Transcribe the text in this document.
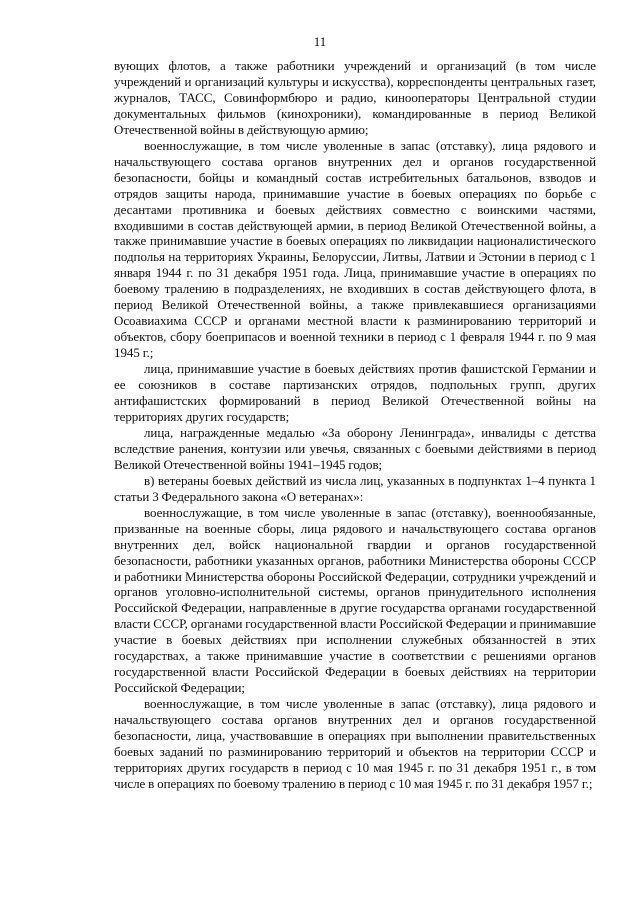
11

вующих флотов, а также работники учреждений и организаций (в том числе учреждений и организаций культуры и искусства), корреспонденты центральных газет, журналов, ТАСС, Совинформбюро и радио, кинооператоры Центральной студии документальных фильмов (кинохроники), командированные в период Великой Отечественной войны в действующую армию;

военнослужащие, в том числе уволенные в запас (отставку), лица рядового и начальствующего состава органов внутренних дел и органов государственной безопасности, бойцы и командный состав истребительных батальонов, взводов и отрядов защиты народа, принимавшие участие в боевых операциях по борьбе с десантами противника и боевых действиях совместно с воинскими частями, входившими в состав действующей армии, в период Великой Отечественной войны, а также принимавшие участие в боевых операциях по ликвидации националистического подполья на территориях Украины, Белоруссии, Литвы, Латвии и Эстонии в период с 1 января 1944 г. по 31 декабря 1951 года. Лица, принимавшие участие в операциях по боевому тралению в подразделениях, не входивших в состав действующего флота, в период Великой Отечественной войны, а также привлекавшиеся организациями Осоавиахима СССР и органами местной власти к разминированию территорий и объектов, сбору боеприпасов и военной техники в период с 1 февраля 1944 г. по 9 мая 1945 г.;

лица, принимавшие участие в боевых действиях против фашистской Германии и ее союзников в составе партизанских отрядов, подпольных групп, других антифашистских формирований в период Великой Отечественной войны на территориях других государств;

лица, награжденные медалью «За оборону Ленинграда», инвалиды с детства вследствие ранения, контузии или увечья, связанных с боевыми действиями в период Великой Отечественной войны 1941–1945 годов;

в) ветераны боевых действий из числа лиц, указанных в подпунктах 1–4 пункта 1 статьи 3 Федерального закона «О ветеранах»:

военнослужащие, в том числе уволенные в запас (отставку), военнообязанные, призванные на военные сборы, лица рядового и начальствующего состава органов внутренних дел, войск национальной гвардии и органов государственной безопасности, работники указанных органов, работники Министерства обороны СССР и работники Министерства обороны Российской Федерации, сотрудники учреждений и органов уголовно-исполнительной системы, органов принудительного исполнения Российской Федерации, направленные в другие государства органами государственной власти СССР, органами государственной власти Российской Федерации и принимавшие участие в боевых действиях при исполнении служебных обязанностей в этих государствах, а также принимавшие участие в соответствии с решениями органов государственной власти Российской Федерации в боевых действиях на территории Российской Федерации;

военнослужащие, в том числе уволенные в запас (отставку), лица рядового и начальствующего состава органов внутренних дел и органов государственной безопасности, лица, участвовавшие в операциях при выполнении правительственных боевых заданий по разминированию территорий и объектов на территории СССР и территориях других государств в период с 10 мая 1945 г. по 31 декабря 1951 г., в том числе в операциях по боевому тралению в период с 10 мая 1945 г. по 31 декабря 1957 г.;
